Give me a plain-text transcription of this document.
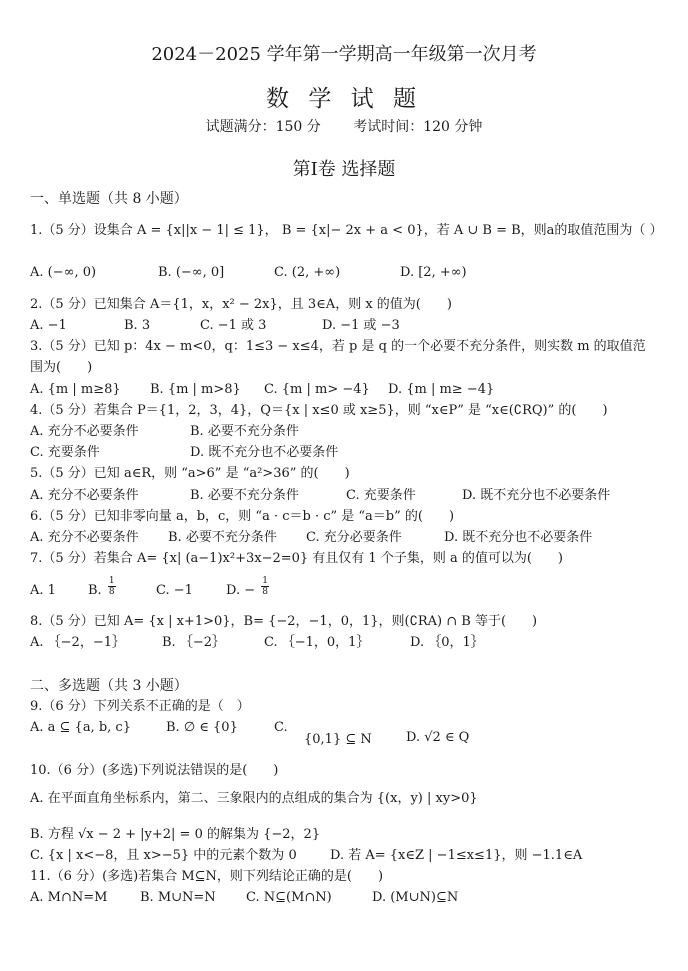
2024－2025 学年第一学期高一年级第一次月考
数 学 试 题
试题满分：150 分 考试时间：120 分钟
第Ⅰ卷 选择题
一、单选题（共 8 小题）
1.（5 分）设集合 A = {x||x − 1| ≤ 1}， B = {x|− 2x + a < 0}，若 A ∪ B = B，则a的取值范围为（ ）
A. (−∞, 0)	B. (−∞, 0]	C. (2, +∞)	D. [2, +∞)
2.（5 分）已知集合 A＝{1，x，x² − 2x}，且 3∈A，则 x 的值为(　　)
A. −1	B. 3	C. −1 或 3	D. −1 或 −3
3.（5 分）已知 p：4x − m<0，q：1≤3 − x≤4，若 p 是 q 的一个必要不充分条件，则实数 m 的取值范
围为(　　)
A. {m | m≥8} B. {m | m>8} C. {m | m> −4} D. {m | m≥ −4}
4.（5 分）若集合 P＝{1，2，3，4}，Q＝{x | x≤0 或 x≥5}，则 “x∈P” 是 “x∈(∁RQ)” 的(　　)
A. 充分不必要条件	B. 必要不充分条件
C. 充要条件	D. 既不充分也不必要条件
5.（5 分）已知 a∈R，则 “a>6” 是 “a²>36” 的(　　)
A. 充分不必要条件	B. 必要不充分条件	C. 充要条件	D. 既不充分也不必要条件
6.（5 分）已知非零向量 a，b，c，则 “a · c＝b · c” 是 “a＝b” 的(　　)
A. 充分不必要条件 B. 必要不充分条件 C. 充分必要条件	D. 既不充分也不必要条件
7.（5 分）若集合 A= {x| (a−1)x²+3x−2=0} 有且仅有 1 个子集，则 a 的值可以为(　　)
A. 1 B. $\frac{1}{8}$	C. −1	D. − $\frac{1}{8}$
8.（5 分）已知 A= {x | x+1>0}，B= {−2，−1，0，1}，则(∁RA) ∩ B 等于(　　)
A. ｛−2，−1｝	B. ｛−2｝	C. ｛−1，0，1｝	D. ｛0，1｝
二、多选题（共 3 小题）
9.（6 分）下列关系不正确的是（　）
A. a ⊆ {a, b, c}	B. ∅ ∈ {0}	C.
{0,1} ⊆ N	D. √2 ∈ Q
10.（6 分）(多选)下列说法错误的是(　　)
A. 在平面直角坐标系内，第二、三象限内的点组成的集合为 {(x，y) | xy>0}
B. 方程 √x − 2 + |y+2| = 0 的解集为 {−2，2}
C. {x | x<−8，且 x>−5} 中的元素个数为 0	D. 若 A= {x∈Z | −1≤x≤1}，则 −1.1∈A
11.（6 分）(多选)若集合 M⊆N，则下列结论正确的是(　　)
A. M∩N=M	B. M∪N=N C. N⊆(M∩N)	D. (M∪N)⊆N
